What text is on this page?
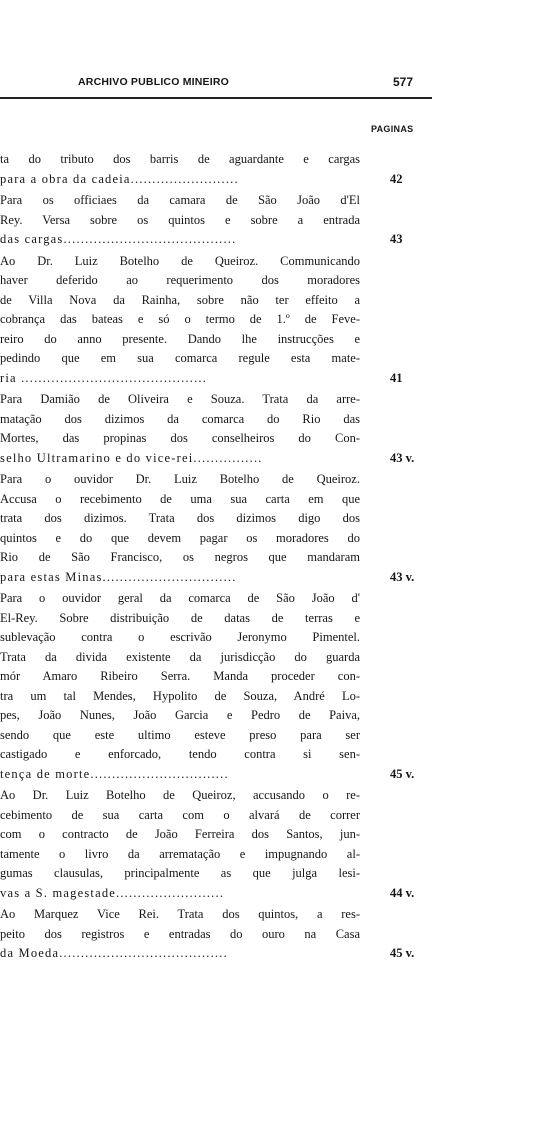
ARCHIVO PUBLICO MINEIRO	577
PAGINAS
ta do tributo dos barris de aguardante e cargas
para a obra da cadeia.........................	42
Para os officiaes da camara de São João d'El
Rey. Versa sobre os quintos e sobre a entrada
das cargas........................................	43
Ao Dr. Luiz Botelho de Queiroz. Communicando
haver deferido ao requerimento dos moradores
de Villa Nova da Rainha, sobre não ter effeito a
cobrança das bateas e só o termo de 1.º de Feve-
reiro do anno presente. Dando lhe instrucções e
pedindo que em sua comarca regule esta mate-
ria ...........................................	41
Para Damião de Oliveira e Souza. Trata da arre-
matação dos dizimos da comarca do Rio das
Mortes, das propinas dos conselheiros do Con-
selho Ultramarino e do vice-rei................	43 v.
Para o ouvidor Dr. Luiz Botelho de Queiroz.
Accusa o recebimento de uma sua carta em que
trata dos dizimos. Trata dos dizimos digo dos
quintos e do que devem pagar os moradores do
Rio de São Francisco, os negros que mandaram
para estas Minas...............................	43 v.
Para o ouvidor geral da comarca de São João d'
El-Rey. Sobre distribuição de datas de terras e
sublevação contra o escrivão Jeronymo Pimentel.
Trata da divida existente da jurisdicção do guarda
mór Amaro Ribeiro Serra. Manda proceder con-
tra um tal Mendes, Hypolito de Souza, André Lo-
pes, João Nunes, João Garcia e Pedro de Paiva,
sendo que este ultimo esteve preso para ser
castigado e enforcado, tendo contra si sen-
tença de morte................................	45 v.
Ao Dr. Luiz Botelho de Queiroz, accusando o re-
cebimento de sua carta com o alvará de correr
com o contracto de João Ferreira dos Santos, jun-
tamente o livro da arrematação e impugnando al-
gumas clausulas, principalmente as que julga lesi-
vas a S. magestade.........................	44 v.
Ao Marquez Vice Rei. Trata dos quintos, a res-
peito dos registros e entradas do ouro na Casa
da Moeda.......................................	45 v.
